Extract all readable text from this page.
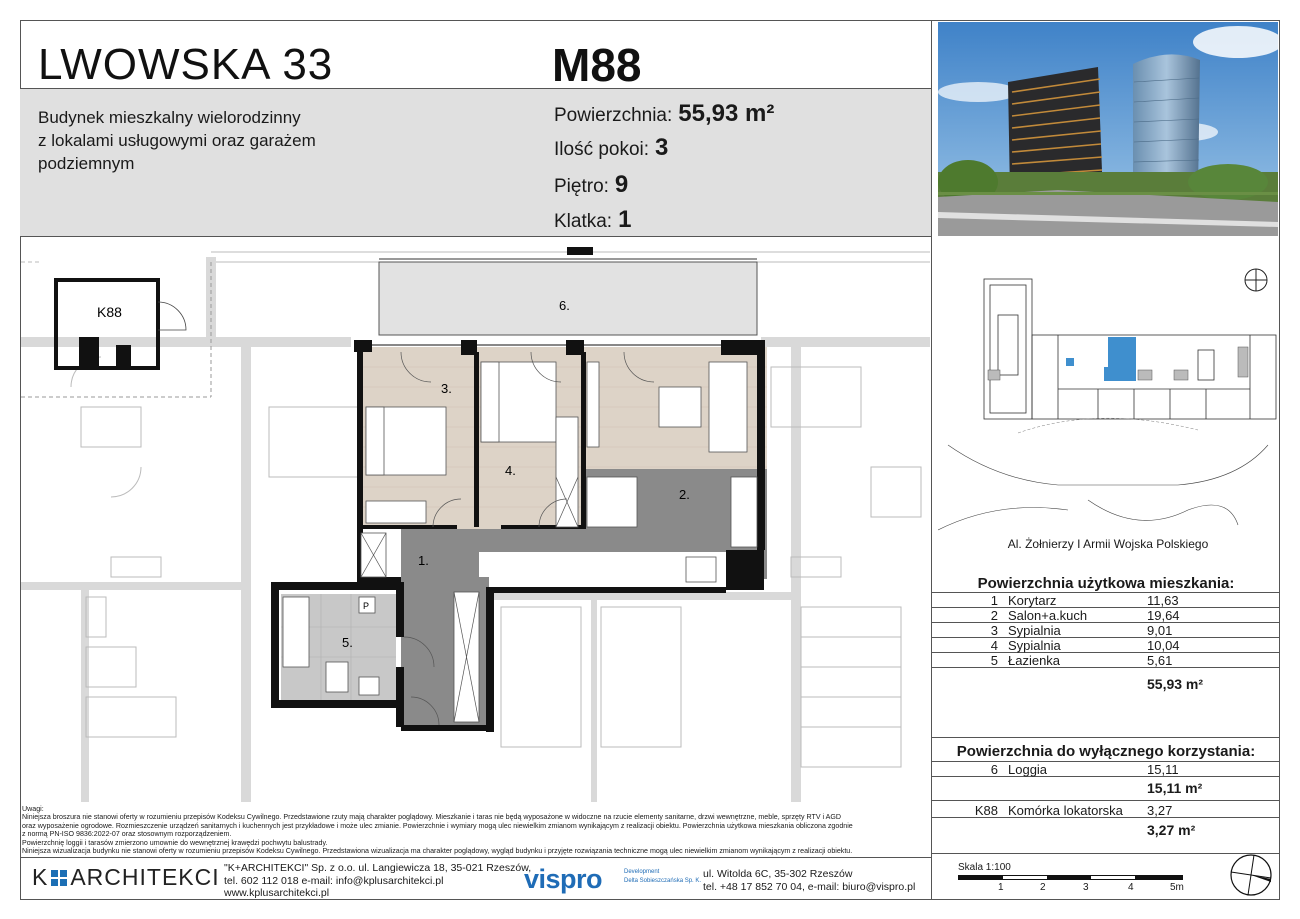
LWOWSKA 33	M88
Budynek mieszkalny wielorodzinny
z lokalami usługowymi oraz garażem
podziemnym
Powierzchnia: 55,93 m²
Ilość pokoi: 3
Piętro: 9
Klatka: 1
Al. Żołnierzy I Armii Wojska Polskiego
3.
4.
2.
1.
5.
6.
K88
P
Powierzchnia użytkowa mieszkania:
1 Korytarz	11,63
2 Salon+a.kuch	19,64
3 Sypialnia	9,01
4 Sypialnia	10,04
5 Łazienka	5,61
55,93 m²
Powierzchnia do wyłącznego korzystania:
6 Loggia	15,11
15,11 m²
K88 Komórka lokatorska 3,27
3,27 m²
Uwagi:
Niniejsza broszura nie stanowi oferty w rozumieniu przepisów Kodeksu Cywilnego. Przedstawione rzuty mają charakter poglądowy. Mieszkanie i taras nie będą wyposażone w widoczne na rzucie elementy sanitarne, drzwi wewnętrzne, meble, sprzęty RTV i AGD
oraz wyposażenie ogrodowe. Rozmieszczenie urządzeń sanitarnych i kuchennych jest przykładowe i może ulec zmianie. Powierzchnie i wymiary mogą ulec niewielkim zmianom wynikającym z realizacji obiektu. Powierzchnia użytkowa mieszkania obliczona zgodnie
z normą PN-ISO 9836:2022-07 oraz stosownym rozporządzeniem.
Powierzchnię loggii i tarasów zmierzono umownie do wewnętrznej krawędzi pochwytu balustrady.
Niniejsza wizualizacja budynku nie stanowi oferty w rozumieniu przepisów Kodeksu Cywilnego. Przedstawiona wizualizacja ma charakter poglądowy, wygląd budynku i przyjęte rozwiązania techniczne mogą ulec niewielkim zmianom wynikającym z realizacji obiektu.
K ARCHITEKCI "K+ARCHITEKCI" Sp. z o.o. ul. Langiewicza 18, 35-021 Rzeszów,
tel. 602 112 018 e-mail: info@kplusarchitekci.pl
www.kplusarchitekci.pl	vispro	Development
Delta Sobieszczańska Sp. K.
ul. Witolda 6C, 35-302 Rzeszów
tel. +48 17 852 70 04, e-mail: biuro@vispro.pl
Skala 1:100
1	2	3	4	5m
